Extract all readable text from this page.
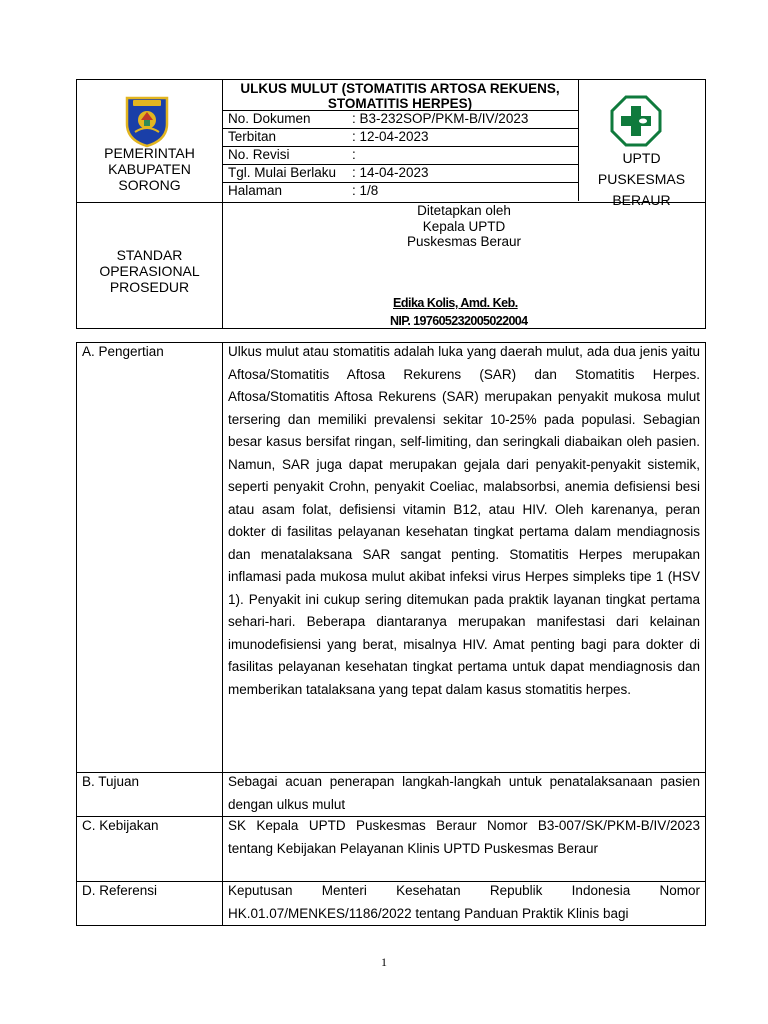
PEMERINTAH
KABUPATEN
SORONG
ULKUS MULUT (STOMATITIS ARTOSA REKUENS, STOMATITIS HERPES)
No. Dokumen	: B3-232SOP/PKM-B/IV/2023
Terbitan	: 12-04-2023
No. Revisi	:
Tgl. Mulai Berlaku : 14-04-2023
Halaman	: 1/8
UPTD
PUSKESMAS
BERAUR
STANDAR
OPERASIONAL
PROSEDUR
Ditetapkan oleh
Kepala UPTD
Puskesmas Beraur
Edika Kolis, Amd. Keb.
NIP. 197605232005022004
A. Pengertian	Ulkus mulut atau stomatitis adalah luka yang daerah mulut, ada dua jenis yaitu Aftosa/Stomatitis Aftosa Rekurens (SAR) dan Stomatitis Herpes. Aftosa/Stomatitis Aftosa Rekurens (SAR) merupakan penyakit mukosa mulut tersering dan memiliki prevalensi sekitar 10-25% pada populasi. Sebagian besar kasus bersifat ringan, self-limiting, dan seringkali diabaikan oleh pasien. Namun, SAR juga dapat merupakan gejala dari penyakit-penyakit sistemik, seperti penyakit Crohn, penyakit Coeliac, malabsorbsi, anemia defisiensi besi atau asam folat, defisiensi vitamin B12, atau HIV. Oleh karenanya, peran dokter di fasilitas pelayanan kesehatan tingkat pertama dalam mendiagnosis dan menatalaksana SAR sangat penting. Stomatitis Herpes merupakan inflamasi pada mukosa mulut akibat infeksi virus Herpes simpleks tipe 1 (HSV 1). Penyakit ini cukup sering ditemukan pada praktik layanan tingkat pertama sehari-hari. Beberapa diantaranya merupakan manifestasi dari kelainan imunodefisiensi yang berat, misalnya HIV. Amat penting bagi para dokter di fasilitas pelayanan kesehatan tingkat pertama untuk dapat mendiagnosis dan memberikan tatalaksana yang tepat dalam kasus stomatitis herpes.
B. Tujuan	Sebagai acuan penerapan langkah-langkah untuk penatalaksanaan pasien dengan ulkus mulut
C. Kebijakan	SK Kepala UPTD Puskesmas Beraur Nomor B3-007/SK/PKM-B/IV/2023 tentang Kebijakan Pelayanan Klinis UPTD Puskesmas Beraur
D. Referensi	Keputusan Menteri Kesehatan Republik Indonesia Nomor HK.01.07/MENKES/1186/2022 tentang Panduan Praktik Klinis bagi
1
